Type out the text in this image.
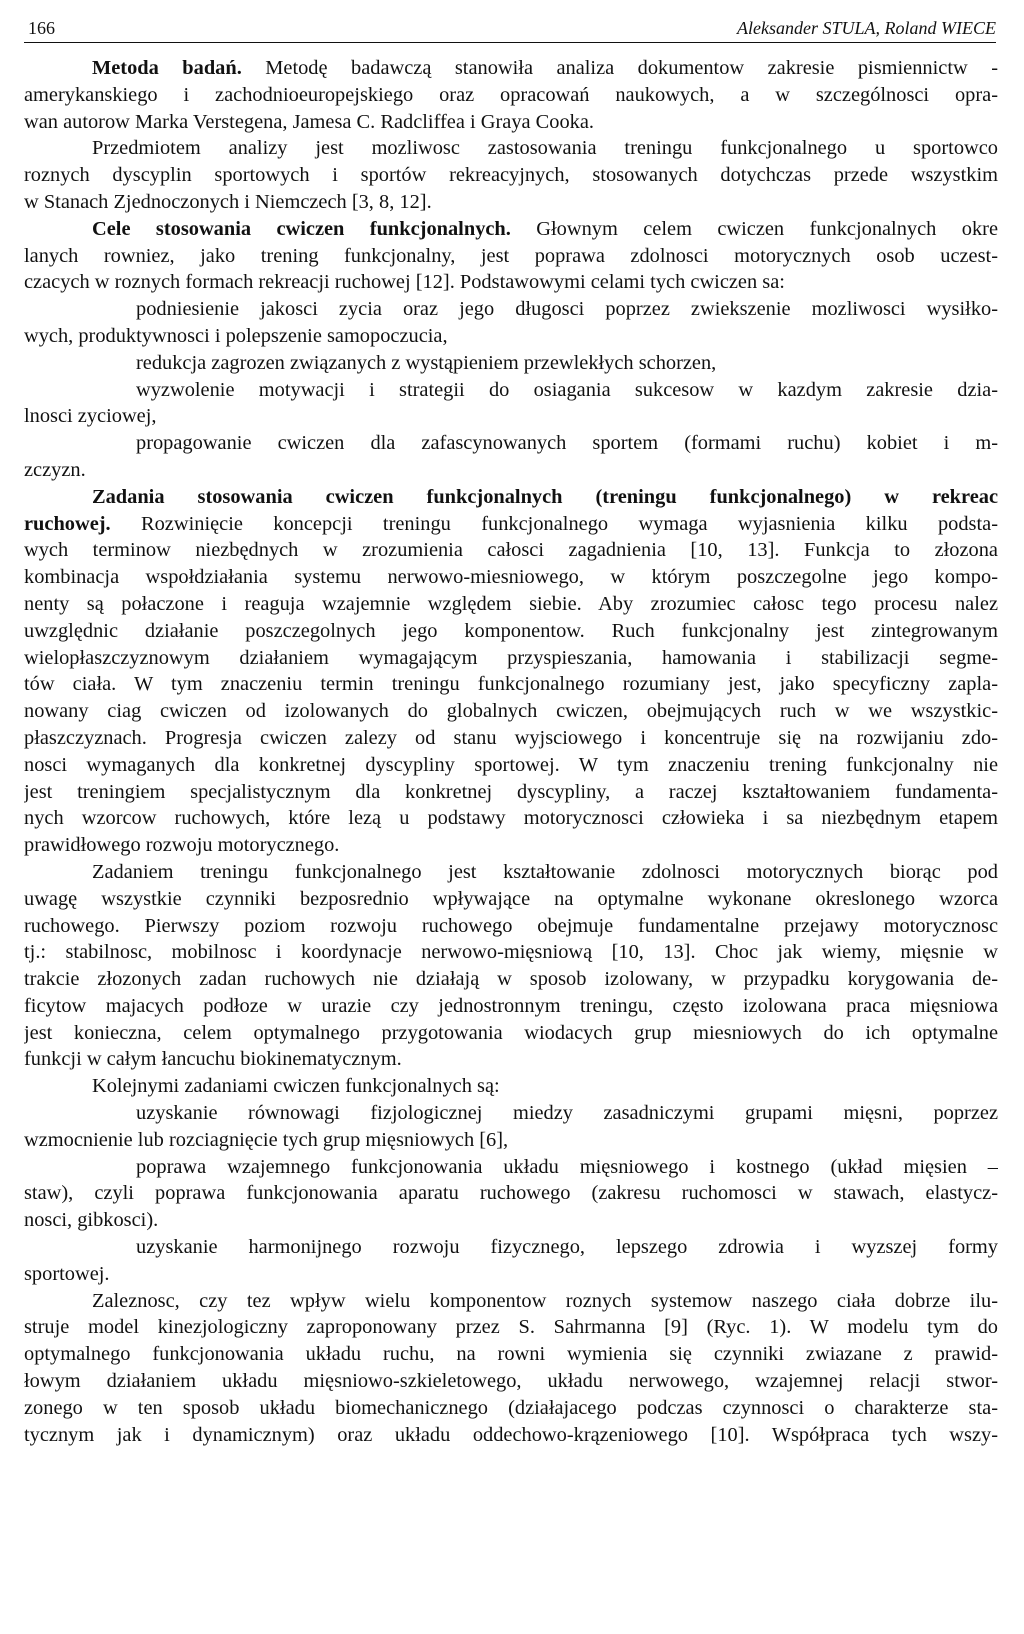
166	Aleksander STULA, Roland WIECE
Metoda badań. Metodę badawczą stanowiła analiza dokumentow zakresie pismiennictw -
amerykanskiego i zachodnioeuropejskiego oraz opracowań naukowych, a w szczególnosci opra-
wan autorow Marka Verstegena, Jamesa C. Radcliffea i Graya Cooka.
Przedmiotem analizy jest mozliwosc zastosowania treningu funkcjonalnego u sportowco
roznych dyscyplin sportowych i sportów rekreacyjnych, stosowanych dotychczas przede wszystkim
w Stanach Zjednoczonych i Niemczech [3, 8, 12].
Cele stosowania cwiczen funkcjonalnych. Głownym celem cwiczen funkcjonalnych okre
lanych rowniez, jako trening funkcjonalny, jest poprawa zdolnosci motorycznych osob uczest-
czacych w roznych formach rekreacji ruchowej [12]. Podstawowymi celami tych cwiczen sa:
podniesienie jakosci zycia oraz jego długosci poprzez zwiekszenie mozliwosci wysiłko-
wych, produktywnosci i polepszenie samopoczucia,
redukcja zagrozen związanych z wystąpieniem przewlekłych schorzen,
wyzwolenie motywacji i strategii do osiagania sukcesow w kazdym zakresie dzia-
lnosci zyciowej,
propagowanie cwiczen dla zafascynowanych sportem (formami ruchu) kobiet i m-
zczyzn.
Zadania stosowania cwiczen funkcjonalnych (treningu funkcjonalnego) w rekreac
ruchowej. Rozwinięcie koncepcji treningu funkcjonalnego wymaga wyjasnienia kilku podsta-
wych terminow niezbędnych w zrozumienia całosci zagadnienia [10, 13]. Funkcja to złozona
kombinacja wspołdziałania systemu nerwowo-miesniowego, w którym poszczegolne jego kompo-
nenty są połaczone i reaguja wzajemnie względem siebie. Aby zrozumiec całosc tego procesu nalez
uwzględnic działanie poszczegolnych jego komponentow. Ruch funkcjonalny jest zintegrowanym
wielopłaszczyznowym działaniem wymagającym przyspieszania, hamowania i stabilizacji segme-
tów ciała. W tym znaczeniu termin treningu funkcjonalnego rozumiany jest, jako specyficzny zapla-
nowany ciag cwiczen od izolowanych do globalnych cwiczen, obejmujących ruch w we wszystkic-
płaszczyznach. Progresja cwiczen zalezy od stanu wyjsciowego i koncentruje się na rozwijaniu zdo-
nosci wymaganych dla konkretnej dyscypliny sportowej. W tym znaczeniu trening funkcjonalny nie
jest treningiem specjalistycznym dla konkretnej dyscypliny, a raczej kształtowaniem fundamenta-
nych wzorcow ruchowych, które lezą u podstawy motorycznosci człowieka i sa niezbędnym etapem
prawidłowego rozwoju motorycznego.
Zadaniem treningu funkcjonalnego jest kształtowanie zdolnosci motorycznych biorąc pod
uwagę wszystkie czynniki bezposrednio wpływające na optymalne wykonane okreslonego wzorca
ruchowego. Pierwszy poziom rozwoju ruchowego obejmuje fundamentalne przejawy motorycznosc
tj.: stabilnosc, mobilnosc i koordynacje nerwowo-mięsniową [10, 13]. Choc jak wiemy, mięsnie w
trakcie złozonych zadan ruchowych nie działają w sposob izolowany, w przypadku korygowania de-
ficytow majacych podłoze w urazie czy jednostronnym treningu, często izolowana praca mięsniowa
jest konieczna, celem optymalnego przygotowania wiodacych grup miesniowych do ich optymalne
funkcji w całym łancuchu biokinematycznym.
Kolejnymi zadaniami cwiczen funkcjonalnych są:
uzyskanie równowagi fizjologicznej miedzy zasadniczymi grupami mięsni, poprzez
wzmocnienie lub rozciagnięcie tych grup mięsniowych [6],
poprawa wzajemnego funkcjonowania układu mięsniowego i kostnego (układ mięsien –
staw), czyli poprawa funkcjonowania aparatu ruchowego (zakresu ruchomosci w stawach, elastycz-
nosci, gibkosci).
uzyskanie harmonijnego rozwoju fizycznego, lepszego zdrowia i wyzszej formy
sportowej.
Zaleznosc, czy tez wpływ wielu komponentow roznych systemow naszego ciała dobrze ilu-
struje model kinezjologiczny zaproponowany przez S. Sahrmanna [9] (Ryc. 1). W modelu tym do
optymalnego funkcjonowania układu ruchu, na rowni wymienia się czynniki zwiazane z prawid-
łowym działaniem układu mięsniowo-szkieletowego, układu nerwowego, wzajemnej relacji stwor-
zonego w ten sposob układu biomechanicznego (działajacego podczas czynnosci o charakterze sta-
tycznym jak i dynamicznym) oraz układu oddechowo-krązeniowego [10]. Współpraca tych wszy-
